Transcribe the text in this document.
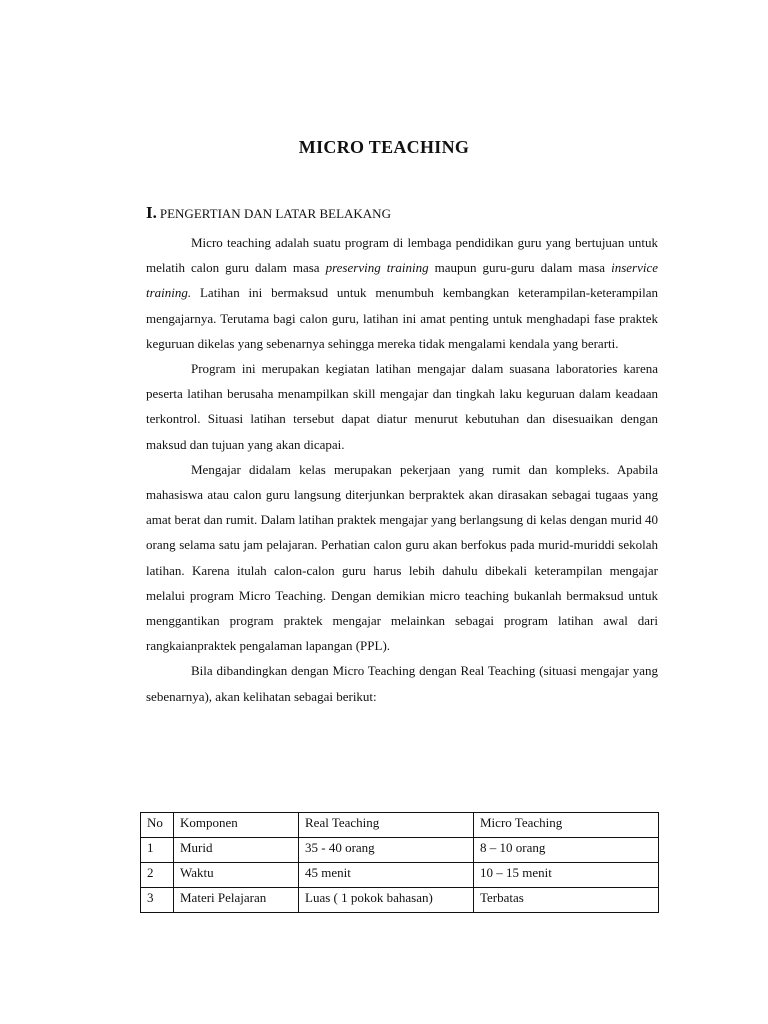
MICRO TEACHING
I. PENGERTIAN DAN LATAR BELAKANG

Micro teaching adalah suatu program di lembaga pendidikan guru yang bertujuan untuk melatih calon guru dalam masa preserving training maupun guru-guru dalam masa inservice training. Latihan ini bermaksud untuk menumbuh kembangkan keterampilan-keterampilan mengajarnya. Terutama bagi calon guru, latihan ini amat penting untuk menghadapi fase praktek keguruan dikelas yang sebenarnya sehingga mereka tidak mengalami kendala yang berarti.

Program ini merupakan kegiatan latihan mengajar dalam suasana laboratories karena peserta latihan berusaha menampilkan skill mengajar dan tingkah laku keguruan dalam keadaan terkontrol. Situasi latihan tersebut dapat diatur menurut kebutuhan dan disesuaikan dengan maksud dan tujuan yang akan dicapai.

Mengajar didalam kelas merupakan pekerjaan yang rumit dan kompleks. Apabila mahasiswa atau calon guru langsung diterjunkan berpraktek akan dirasakan sebagai tugaas yang amat berat dan rumit. Dalam latihan praktek mengajar yang berlangsung di kelas dengan murid 40 orang selama satu jam pelajaran. Perhatian calon guru akan berfokus pada murid-muriddi sekolah latihan. Karena itulah calon-calon guru harus lebih dahulu dibekali keterampilan mengajar melalui program Micro Teaching. Dengan demikian micro teaching bukanlah bermaksud untuk menggantikan program praktek mengajar melainkan sebagai program latihan awal dari rangkaianpraktek pengalaman lapangan (PPL).

Bila dibandingkan dengan Micro Teaching dengan Real Teaching (situasi mengajar yang sebenarnya), akan kelihatan sebagai berikut:

No	Komponen	Real Teaching	Micro Teaching
1	Murid	35 - 40 orang	8 – 10 orang
2	Waktu	45 menit	10 – 15 menit
3	Materi Pelajaran	Luas ( 1 pokok bahasan)	Terbatas
